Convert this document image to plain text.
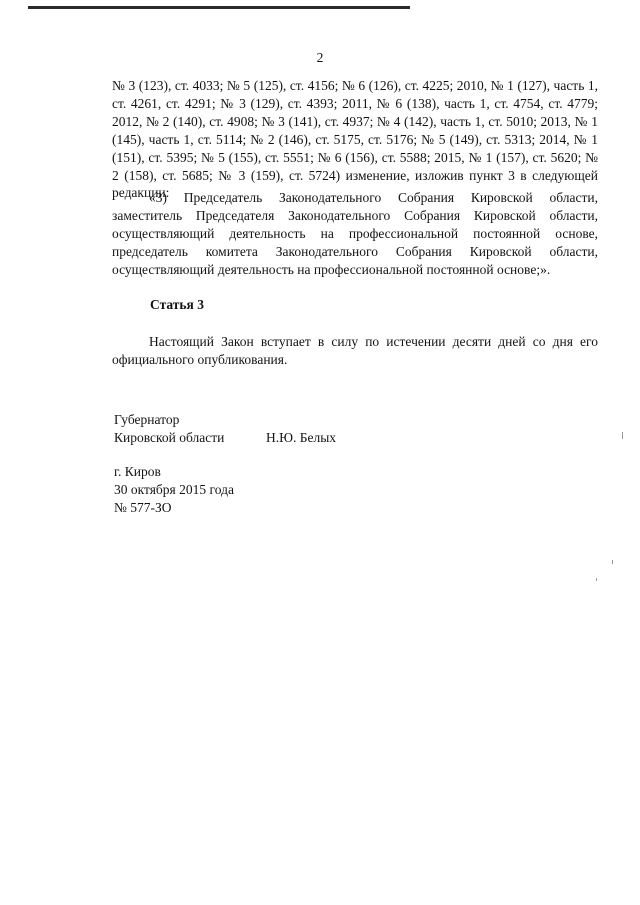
2

№ 3 (123), ст. 4033; № 5 (125), ст. 4156; № 6 (126), ст. 4225; 2010, № 1 (127), часть 1, ст. 4261, ст. 4291; № 3 (129), ст. 4393; 2011, № 6 (138), часть 1, ст. 4754, ст. 4779; 2012, № 2 (140), ст. 4908; № 3 (141), ст. 4937; № 4 (142), часть 1, ст. 5010; 2013, № 1 (145), часть 1, ст. 5114; № 2 (146), ст. 5175, ст. 5176; № 5 (149), ст. 5313; 2014, № 1 (151), ст. 5395; № 5 (155), ст. 5551; № 6 (156), ст. 5588; 2015, № 1 (157), ст. 5620; № 2 (158), ст. 5685; № 3 (159), ст. 5724) изменение, изложив пункт 3 в следующей редакции:

«3) Председатель Законодательного Собрания Кировской области, заместитель Председателя Законодательного Собрания Кировской области, осуществляющий деятельность на профессиональной постоянной основе, председатель комитета Законодательного Собрания Кировской области, осуществляющий деятельность на профессиональной постоянной основе;».

Статья 3

Настоящий Закон вступает в силу по истечении десяти дней со дня его официального опубликования.

Губернатор
Кировской области	Н.Ю. Белых
г. Киров
30 октября 2015 года
№ 577-ЗО
